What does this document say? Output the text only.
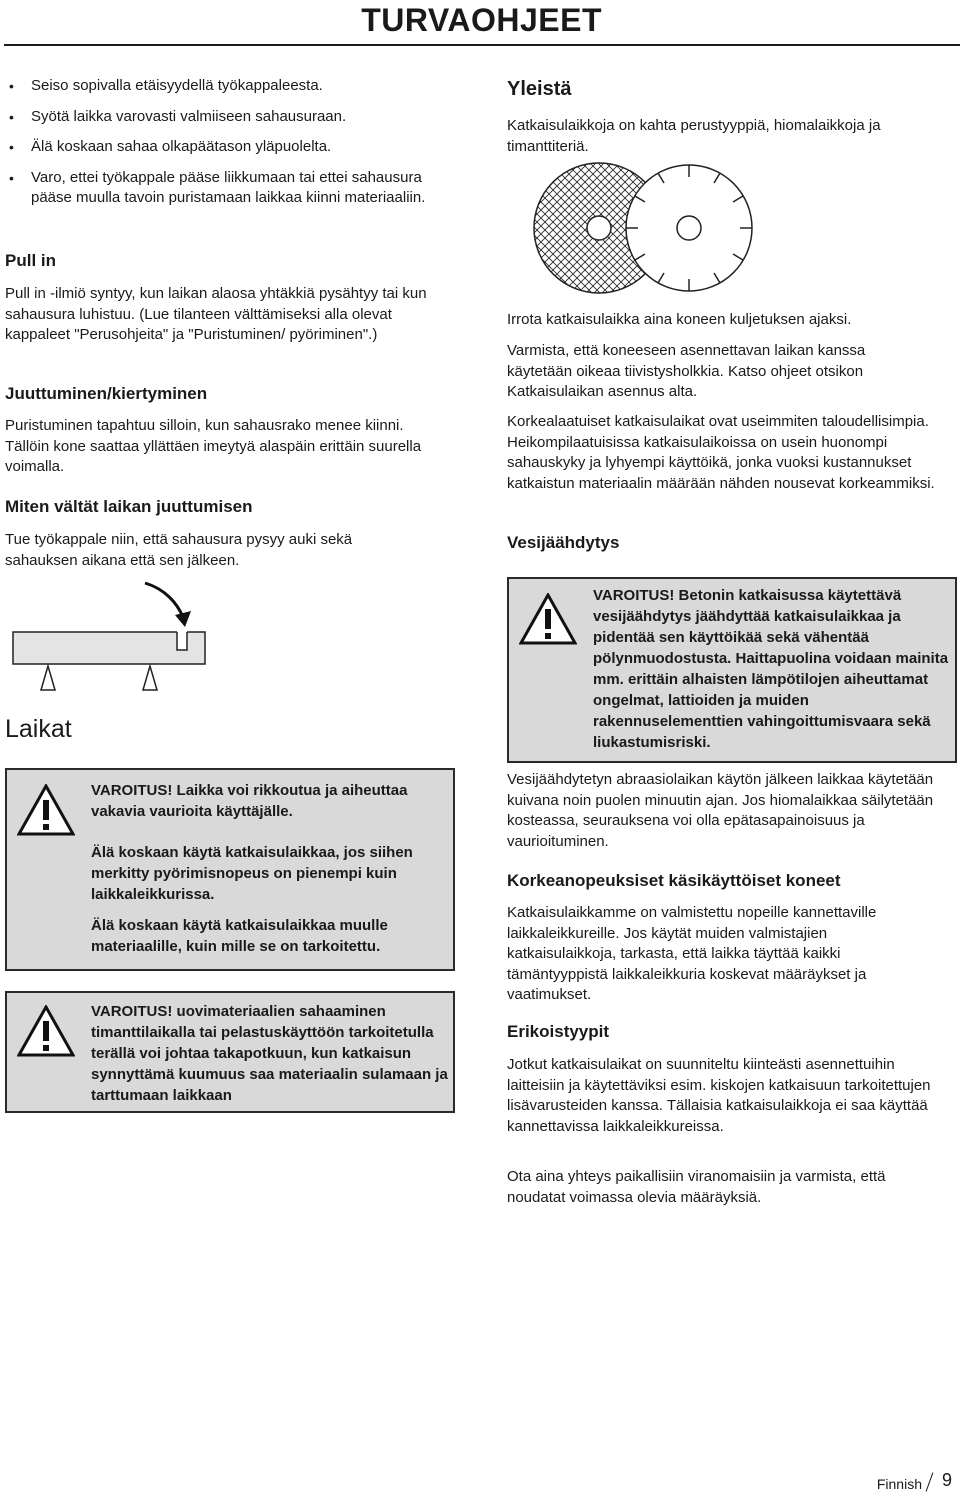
TURVAOHJEET
• Seiso sopivalla etäisyydellä työkappaleesta.
• Syötä laikka varovasti valmiiseen sahausuraan.
• Älä koskaan sahaa olkapäätason yläpuolelta.
• Varo, ettei työkappale pääse liikkumaan tai ettei sahausura pääse muulla tavoin puristamaan laikkaa kiinni materiaaliin.
Pull in

Pull in -ilmiö syntyy, kun laikan alaosa yhtäkkiä pysähtyy tai kun sahausura luhistuu. (Lue tilanteen välttämiseksi alla olevat kappaleet "Perusohjeita" ja "Puristuminen/ pyöriminen".)

Juuttuminen/kiertyminen

Puristuminen tapahtuu silloin, kun sahausrako menee kiinni. Tällöin kone saattaa yllättäen imeytyä alaspäin erittäin suurella voimalla.

Miten vältät laikan juuttumisen

Tue työkappale niin, että sahausura pysyy auki sekä sahauksen aikana että sen jälkeen.

Laikat

VAROITUS! Laikka voi rikkoutua ja aiheuttaa vakavia vaurioita käyttäjälle.

Älä koskaan käytä katkaisulaikkaa, jos siihen merkitty pyörimisnopeus on pienempi kuin laikkaleikkurissa.

Älä koskaan käytä katkaisulaikkaa muulle materiaalille, kuin mille se on tarkoitettu.

VAROITUS! uovimateriaalien sahaaminen timanttilaikalla tai pelastuskäyttöön tarkoitetulla terällä voi johtaa takapotkuun, kun katkaisun synnyttämä kuumuus saa materiaalin sulamaan ja tarttumaan laikkaan

Yleistä

Katkaisulaikkoja on kahta perustyyppiä, hiomalaikkoja ja timanttiteriä.

Irrota katkaisulaikka aina koneen kuljetuksen ajaksi.

Varmista, että koneeseen asennettavan laikan kanssa käytetään oikeaa tiivistysholkkia. Katso ohjeet otsikon Katkaisulaikan asennus alta.

Korkealaatuiset katkaisulaikat ovat useimmiten taloudellisimpia. Heikompilaatuisissa katkaisulaikoissa on usein huonompi sahauskyky ja lyhyempi käyttöikä, jonka vuoksi kustannukset katkaistun materiaalin määrään nähden nousevat korkeammiksi.

Vesijäähdytys

VAROITUS! Betonin katkaisussa käytettävä vesijäähdytys jäähdyttää katkaisulaikkaa ja pidentää sen käyttöikää sekä vähentää pölynmuodostusta. Haittapuolina voidaan mainita mm. erittäin alhaisten lämpötilojen aiheuttamat ongelmat, lattioiden ja muiden rakennuselementtien vahingoittumisvaara sekä liukastumisriski.

Vesijäähdytetyn abraasiolaikan käytön jälkeen laikkaa käytetään kuivana noin puolen minuutin ajan. Jos hiomalaikkaa säilytetään kosteassa, seurauksena voi olla epätasapainoisuus ja vaurioituminen.

Korkeanopeuksiset käsikäyttöiset koneet

Katkaisulaikkamme on valmistettu nopeille kannettaville laikkaleikkureille. Jos käytät muiden valmistajien katkaisulaikkoja, tarkasta, että laikka täyttää kaikki tämäntyyppistä laikkaleikkuria koskevat määräykset ja vaatimukset.

Erikoistyypit

Jotkut katkaisulaikat on suunniteltu kiinteästi asennettuihin laitteisiin ja käytettäviksi esim. kiskojen katkaisuun tarkoitettujen lisävarusteiden kanssa. Tällaisia katkaisulaikkoja ei saa käyttää kannettavissa laikkaleikkureissa.

Ota aina yhteys paikallisiin viranomaisiin ja varmista, että noudatat voimassa olevia määräyksiä.

Finnish 9
